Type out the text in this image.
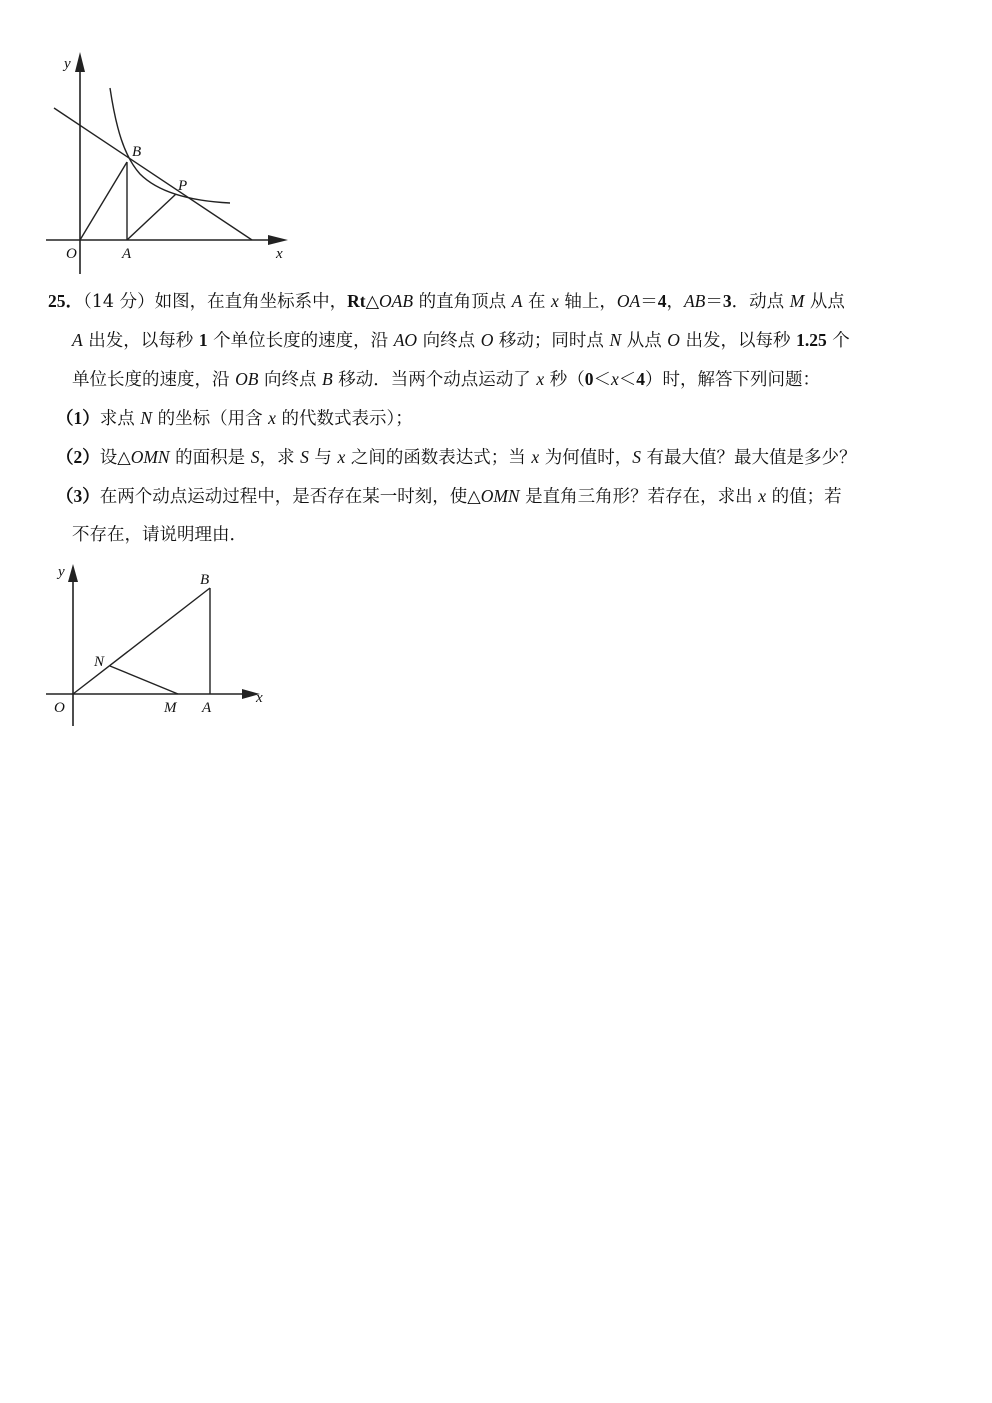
y
x
O	A
B
P
25．（14 分）如图，在直角坐标系中，Rt△OAB 的直角顶点 A 在 x 轴上，OA＝4，AB＝3．动点 M 从点
A 出发，以每秒 1 个单位长度的速度，沿 AO 向终点 O 移动；同时点 N 从点 O 出发，以每秒 1.25 个
单位长度的速度，沿 OB 向终点 B 移动．当两个动点运动了 x 秒（0＜x＜4）时，解答下列问题：
（1）求点 N 的坐标（用含 x 的代数式表示）；
（2）设△OMN 的面积是 S，求 S 与 x 之间的函数表达式；当 x 为何值时，S 有最大值？最大值是多少？
（3）在两个动点运动过程中，是否存在某一时刻，使△OMN 是直角三角形？若存在，求出 x 的值；若
不存在，请说明理由．
y
x
O	M A
N
B
